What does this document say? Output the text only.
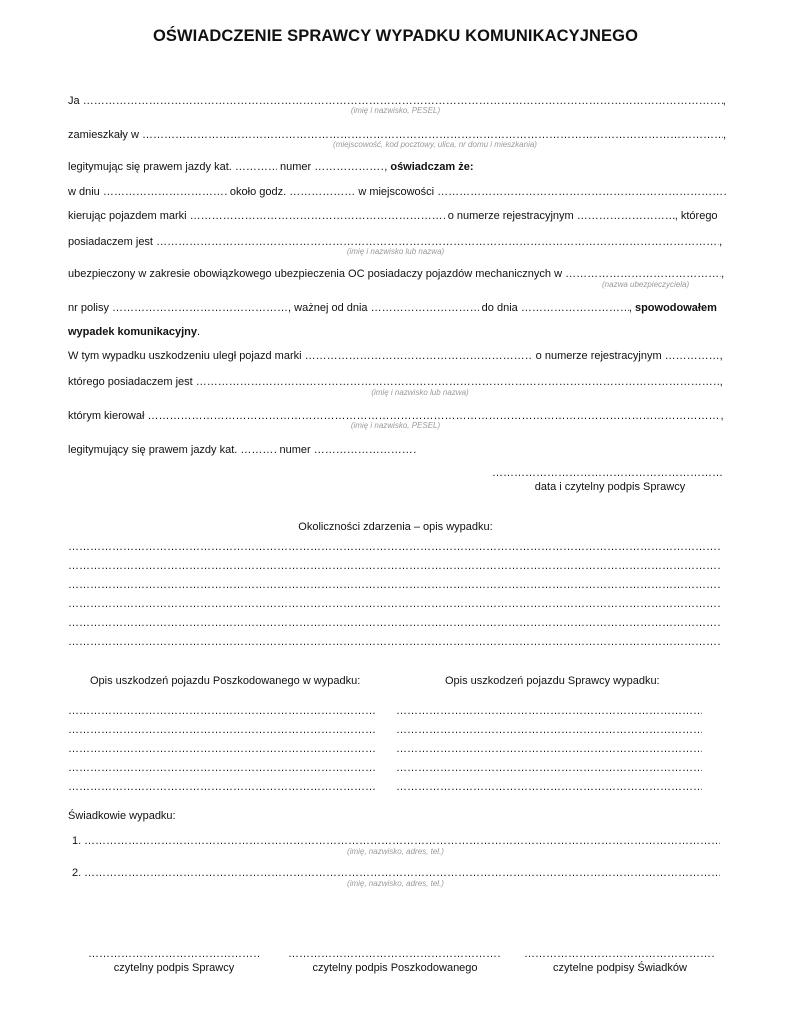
OŚWIADCZENIE SPRAWCY WYPADKU KOMUNIKACYJNEGO
Ja ……………………………………………………………………………………………………………………………………………………………………………………………………………………………………………………………………………………………………………………………………………………………………………	,
(imię i nazwisko, PESEL)
zamieszkały w ……………………………………………………………………………………………………………………………………………………………………………………………………………………………………………………………………………………………………………………………………………………………………………	,
(miejscowość, kod pocztowy, ulica, nr domu i mieszkania)
legitymując się prawem jazdy kat. ……………………………………………………………………………………………………………………………………………………………………………………………………………………………………………………………………………………………………………………………………………………………………………	numer ……………………………………………………………………………………………………………………………………………………………………………………………………………………………………………………………………………………………………………………………………………………………………………	, oświadczam że:
w dniu ……………………………………………………………………………………………………………………………………………………………………………………………………………………………………………………………………………………………………………………………………………………………………………	około godz. ……………………………………………………………………………………………………………………………………………………………………………………………………………………………………………………………………………………………………………………………………………………………………………	w miejscowości ……………………………………………………………………………………………………………………………………………………………………………………………………………………………………………………………………………………………………………………………………………………………………………
kierując pojazdem marki ……………………………………………………………………………………………………………………………………………………………………………………………………………………………………………………………………………………………………………………………………………………………………………	o numerze rejestracyjnym ……………………………………………………………………………………………………………………………………………………………………………………………………………………………………………………………………………………………………………………………………………………………………………	, którego
posiadaczem jest ……………………………………………………………………………………………………………………………………………………………………………………………………………………………………………………………………………………………………………………………………………………………………………	,
(imię i nazwisko lub nazwa)
ubezpieczony w zakresie obowiązkowego ubezpieczenia OC posiadaczy pojazdów mechanicznych w ……………………………………………………………………………………………………………………………………………………………………………………………………………………………………………………………………………………………………………………………………………………………………………	,
(nazwa ubezpieczyciela)
nr polisy ……………………………………………………………………………………………………………………………………………………………………………………………………………………………………………………………………………………………………………………………………………………………………………	, ważnej od dnia ……………………………………………………………………………………………………………………………………………………………………………………………………………………………………………………………………………………………………………………………………………………………………………	do dnia ……………………………………………………………………………………………………………………………………………………………………………………………………………………………………………………………………………………………………………………………………………………………………………	, spowodowałem
wypadek komunikacyjny.
W tym wypadku uszkodzeniu uległ pojazd marki ……………………………………………………………………………………………………………………………………………………………………………………………………………………………………………………………………………………………………………………………………………………………………………	o numerze rejestracyjnym ……………………………………………………………………………………………………………………………………………………………………………………………………………………………………………………………………………………………………………………………………………………………………………	,
którego posiadaczem jest ……………………………………………………………………………………………………………………………………………………………………………………………………………………………………………………………………………………………………………………………………………………………………………	,
(imię i nazwisko lub nazwa)
którym kierował ……………………………………………………………………………………………………………………………………………………………………………………………………………………………………………………………………………………………………………………………………………………………………………	,
(imię i nazwisko, PESEL)
legitymujący się prawem jazdy kat. ……………………………………………………………………………………………………………………………………………………………………………………………………………………………………………………………………………………………………………………………………………………………………………	numer ……………………………………………………………………………………………………………………………………………………………………………………………………………………………………………………………………………………………………………………………………………………………………………
…………………………………………………………………………………………………………………………………………………………………………………………………………………………………………………………………………………………………………………………………………………………………………………………
data i czytelny podpis Sprawcy
Okoliczności zdarzenia – opis wypadku:
…………………………………………………………………………………………………………………………………………………………………………………………………………………………………………………………………………………………………………………………………………………………………………………………
…………………………………………………………………………………………………………………………………………………………………………………………………………………………………………………………………………………………………………………………………………………………………………………………
…………………………………………………………………………………………………………………………………………………………………………………………………………………………………………………………………………………………………………………………………………………………………………………………
…………………………………………………………………………………………………………………………………………………………………………………………………………………………………………………………………………………………………………………………………………………………………………………………
…………………………………………………………………………………………………………………………………………………………………………………………………………………………………………………………………………………………………………………………………………………………………………………………
…………………………………………………………………………………………………………………………………………………………………………………………………………………………………………………………………………………………………………………………………………………………………………………………
Opis uszkodzeń pojazdu Poszkodowanego w wypadku:	Opis uszkodzeń pojazdu Sprawcy wypadku:
…………………………………………………………………………………………………………………………………………………………………………………………………………………………………………………………………………………………………………………………………………………………………………………………
…………………………………………………………………………………………………………………………………………………………………………………………………………………………………………………………………………………………………………………………………………………………………………………………
…………………………………………………………………………………………………………………………………………………………………………………………………………………………………………………………………………………………………………………………………………………………………………………………
…………………………………………………………………………………………………………………………………………………………………………………………………………………………………………………………………………………………………………………………………………………………………………………………
…………………………………………………………………………………………………………………………………………………………………………………………………………………………………………………………………………………………………………………………………………………………………………………………
…………………………………………………………………………………………………………………………………………………………………………………………………………………………………………………………………………………………………………………………………………………………………………………………
…………………………………………………………………………………………………………………………………………………………………………………………………………………………………………………………………………………………………………………………………………………………………………………………
…………………………………………………………………………………………………………………………………………………………………………………………………………………………………………………………………………………………………………………………………………………………………………………………
…………………………………………………………………………………………………………………………………………………………………………………………………………………………………………………………………………………………………………………………………………………………………………………………
…………………………………………………………………………………………………………………………………………………………………………………………………………………………………………………………………………………………………………………………………………………………………………………………
Świadkowie wypadku:
1.
…………………………………………………………………………………………………………………………………………………………………………………………………………………………………………………………………………………………………………………………………………………………………………………………
(imię, nazwisko, adres, tel.)
2.
…………………………………………………………………………………………………………………………………………………………………………………………………………………………………………………………………………………………………………………………………………………………………………………………
(imię, nazwisko, adres, tel.)
…………………………………………………………………………………………………………………………………………………………………………………………………………………………………………………………………………………………………………………………………………………………………………………………
…………………………………………………………………………………………………………………………………………………………………………………………………………………………………………………………………………………………………………………………………………………………………………………………
…………………………………………………………………………………………………………………………………………………………………………………………………………………………………………………………………………………………………………………………………………………………………………………………
czytelny podpis Sprawcy	czytelny podpis Poszkodowanego	czytelne podpisy Świadków
